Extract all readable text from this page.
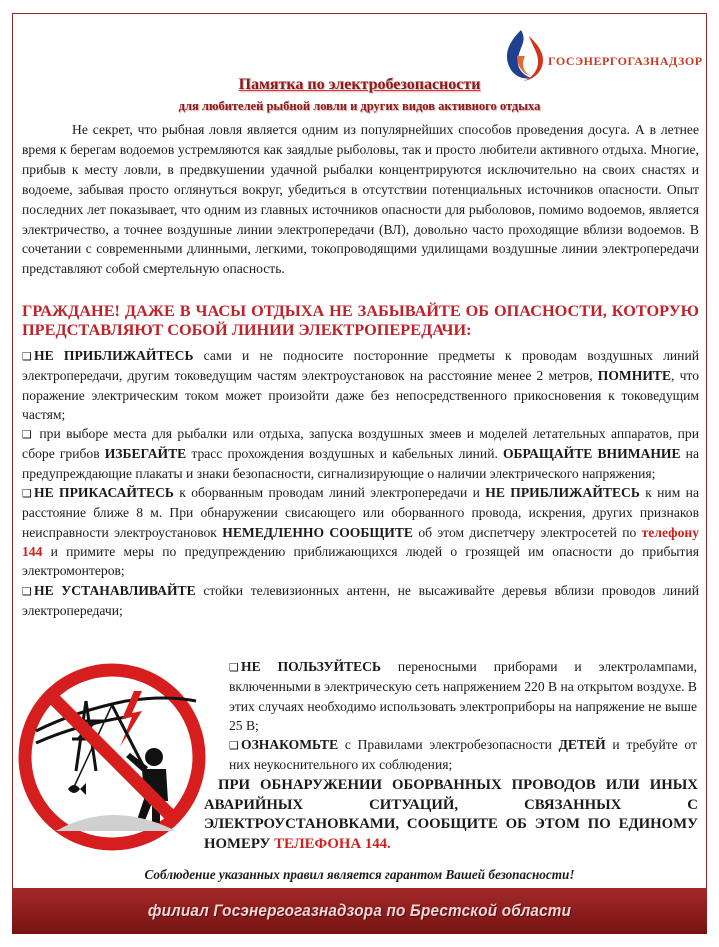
ГОСЭНЕРГОГАЗНАДЗОР
Памятка по электробезопасности
для любителей рыбной ловли и других видов активного отдыха
Не секрет, что рыбная ловля является одним из популярнейших способов проведения досуга. А в летнее время к берегам водоемов устремляются как заядлые рыболовы, так и просто любители активного отдыха. Многие, прибыв к месту ловли, в предвкушении удачной рыбалки концентрируются исключительно на своих снастях и водоеме, забывая просто оглянуться вокруг, убедиться в отсутствии потенциальных источников опасности. Опыт последних лет показывает, что одним из главных источников опасности для рыболовов, помимо водоемов, является электричество, а точнее воздушные линии электропередачи (ВЛ), довольно часто проходящие вблизи водоемов. В сочетании с современными длинными, легкими, токопроводящими удилищами воздушные линии электропередачи представляют собой смертельную опасность.
ГРАЖДАНЕ! ДАЖЕ В ЧАСЫ ОТДЫХА НЕ ЗАБЫВАЙТЕ ОБ ОПАСНОСТИ, КОТОРУЮ ПРЕДСТАВЛЯЮТ СОБОЙ ЛИНИИ ЭЛЕКТРОПЕРЕДАЧИ:

❑ НЕ ПРИБЛИЖАЙТЕСЬ сами и не подносите посторонние предметы к проводам воздушных линий электропередачи, другим токоведущим частям электроустановок на расстояние менее 2 метров, ПОМНИТЕ, что поражение электрическим током может произойти даже без непосредственного прикосновения к токоведущим частям;

❑ при выборе места для рыбалки или отдыха, запуска воздушных змеев и моделей летательных аппаратов, при сборе грибов ИЗБЕГАЙТЕ трасс прохождения воздушных и кабельных линий. ОБРАЩАЙТЕ ВНИМАНИЕ на предупреждающие плакаты и знаки безопасности, сигнализирующие о наличии электрического напряжения;

❑ НЕ ПРИКАСАЙТЕСЬ к оборванным проводам линий электропередачи и НЕ ПРИБЛИЖАЙТЕСЬ к ним на расстояние ближе 8 м. При обнаружении свисающего или оборванного провода, искрения, других признаков неисправности электроустановок НЕМЕДЛЕННО СООБЩИТЕ об этом диспетчеру электросетей по телефону 144 и примите меры по предупреждению приближающихся людей о грозящей им опасности до прибытия электромонтеров;

❑ НЕ УСТАНАВЛИВАЙТЕ стойки телевизионных антенн, не высаживайте деревья вблизи проводов линий электропередачи;

❑ НЕ ПОЛЬЗУЙТЕСЬ переносными приборами и электролампами, включенными в электрическую сеть напряжением 220 В на открытом воздухе. В этих случаях необходимо использовать электроприборы на напряжение не выше 25 В;

❑ ОЗНАКОМЬТЕ с Правилами электробезопасности ДЕТЕЙ и требуйте от них неукоснительного их соблюдения;

ПРИ ОБНАРУЖЕНИИ ОБОРВАННЫХ ПРОВОДОВ ИЛИ ИНЫХ АВАРИЙНЫХ СИТУАЦИЙ, СВЯЗАННЫХ С ЭЛЕКТРОУСТАНОВКАМИ, СООБЩИТЕ ОБ ЭТОМ ПО ЕДИНОМУ НОМЕРУ ТЕЛЕФОНА 144.
Соблюдение указанных правил является гарантом Вашей безопасности!
филиал Госэнергогазнадзора по Брестской области
